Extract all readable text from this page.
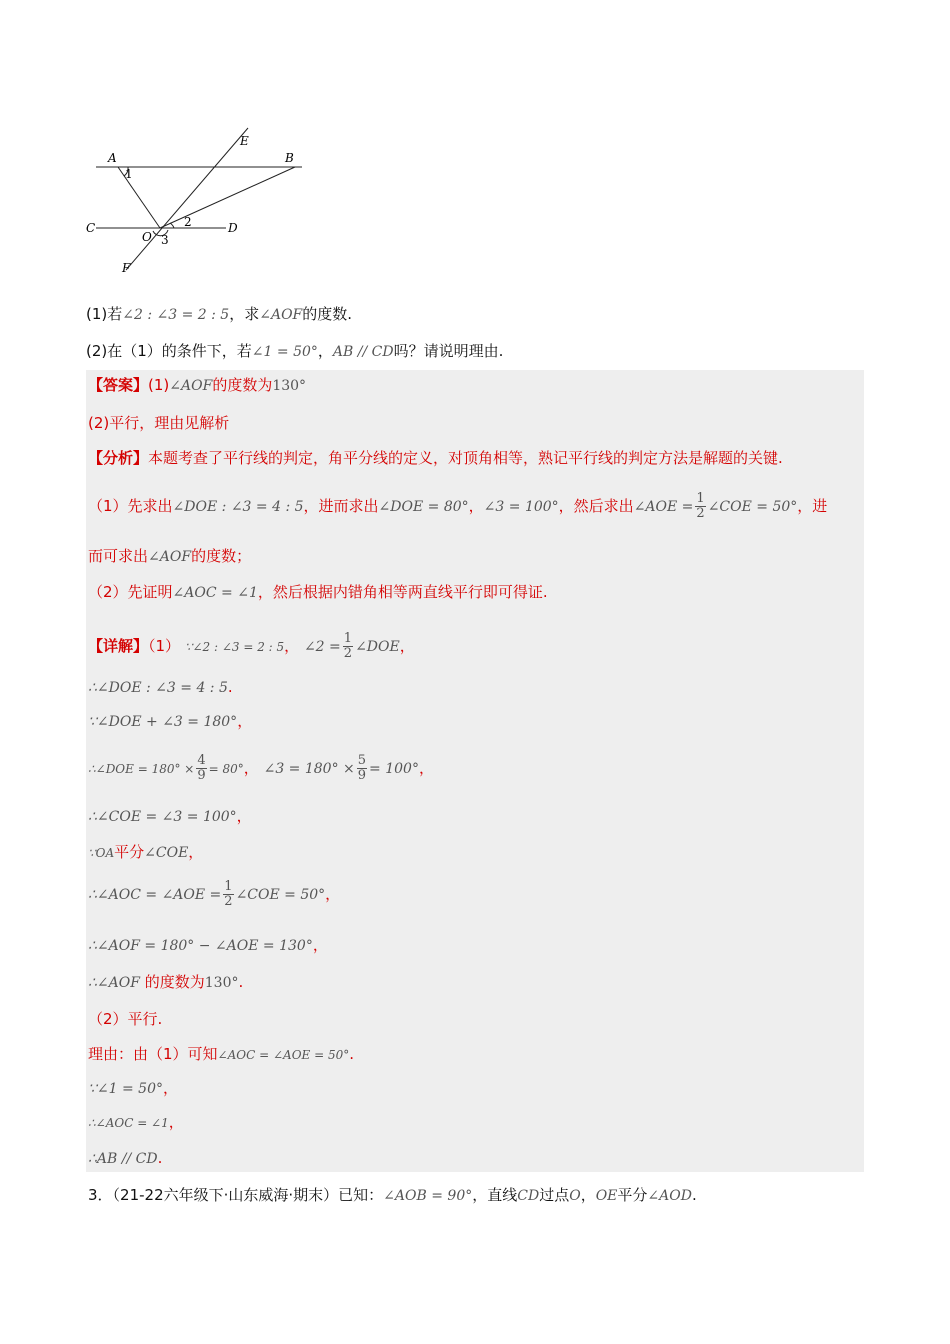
A	B
C	D
E
F
O
1
2
3
(1)若∠2 : ∠3 = 2 : 5，求∠AOF的度数.
(2)在（1）的条件下，若∠1 = 50°，AB // CD吗？请说明理由.
【答案】(1)∠AOF的度数为130°
(2)平行，理由见解析
【分析】本题考查了平行线的判定，角平分线的定义，对顶角相等，熟记平行线的判定方法是解题的关键.
（1）先求出∠DOE : ∠3 = 4 : 5，进而求出∠DOE = 80°，∠3 = 100°，然后求出∠AOE = $\frac{1}{2}$ ∠COE = 50°，进
而可求出∠AOF的度数；
（2）先证明∠AOC = ∠1，然后根据内错角相等两直线平行即可得证.
【详解】（1） ∵∠2 : ∠3 = 2 : 5， ∠2 = $\frac{1}{2}$ ∠DOE，
∴∠DOE : ∠3 = 4 : 5.
∵∠DOE + ∠3 = 180°，
∴∠DOE = $180^\circ \times \frac{4}{9} = 80^\circ$， ∠3 = $180^\circ \times \frac{5}{9} = 100^\circ$，
∴∠COE = ∠3 = 100°，
∵OA平分∠COE，
∴∠AOC = ∠AOE = $\frac{1}{2}$ ∠COE = 50°，
∴∠AOF = 180° − ∠AOE = 130°，
∴∠AOF 的度数为130°.
（2）平行.
理由：由（1）可知∠AOC = ∠AOE = 50°.
∵∠1 = 50°，
∴∠AOC = ∠1，
∴AB // CD.
3．（21-22六年级下·山东威海·期末）已知：∠AOB = 90°，直线CD过点O，OE平分∠AOD.
